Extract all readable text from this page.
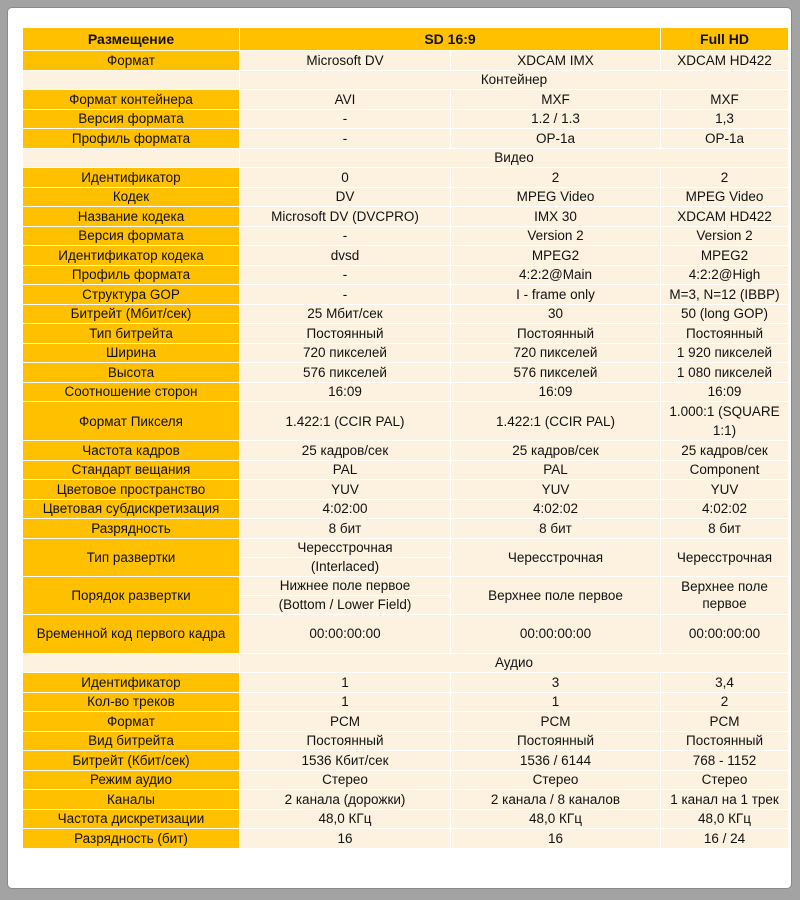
Размещение	SD 16:9		Full HD
Формат	Microsoft DV	XDCAM IMX	XDCAM HD422
	Контейнер		
Формат контейнера	AVI	MXF	MXF
Версия формата	-	1.2 / 1.3	1,3
Профиль формата	-	OP-1a	OP-1a
	Видео		
Идентификатор	0	2	2
Кодек	DV	MPEG Video	MPEG Video
Название кодека	Microsoft DV (DVCPRO)	IMX 30	XDCAM HD422
Версия формата	-	Version 2	Version 2
Идентификатор кодека	dvsd	MPEG2	MPEG2
Профиль формата	-	4:2:2@Main	4:2:2@High
Структура GOP	-	I - frame only	M=3, N=12 (IBBP)
Битрейт (Мбит/сек)	25 Мбит/сек	30	50 (long GOP)
Тип битрейта	Постоянный	Постоянный	Постоянный
Ширина	720 пикселей	720 пикселей	1 920 пикселей
Высота	576 пикселей	576 пикселей	1 080 пикселей
Соотношение сторон	16:09	16:09	16:09
Формат Пикселя	1.422:1 (CCIR PAL)	1.422:1 (CCIR PAL)	1.000:1 (SQUARE 1:1)
Частота кадров	25 кадров/сек	25 кадров/сек	25 кадров/сек
Стандарт вещания	PAL	PAL	Component
Цветовое пространство	YUV	YUV	YUV
Цветовая субдискретизация	4:02:00	4:02:02	4:02:02
Разрядность	8 бит	8 бит	8 бит
Тип развертки	Чересстрочная	Чересстрочная	Чересстрочная
	(Interlaced)		
Порядок развертки	Нижнее поле первое	Верхнее поле первое	Верхнее поле первое
	(Bottom / Lower Field)		
Временной код первого кадра	00:00:00:00	00:00:00:00	00:00:00:00
	Аудио		
Идентификатор	1	3	3,4
Кол-во треков	1	1	2
Формат	PCM	PCM	PCM
Вид битрейта	Постоянный	Постоянный	Постоянный
Битрейт (Кбит/сек)	1536 Кбит/сек	1536 / 6144	768 - 1152
Режим аудио	Стерео	Стерео	Стерео
Каналы	2 канала (дорожки)	2 канала / 8 каналов	1 канал на 1 трек
Частота дискретизации	48,0 КГц	48,0 КГц	48,0 КГц
Разрядность (бит)	16	16	16 / 24
